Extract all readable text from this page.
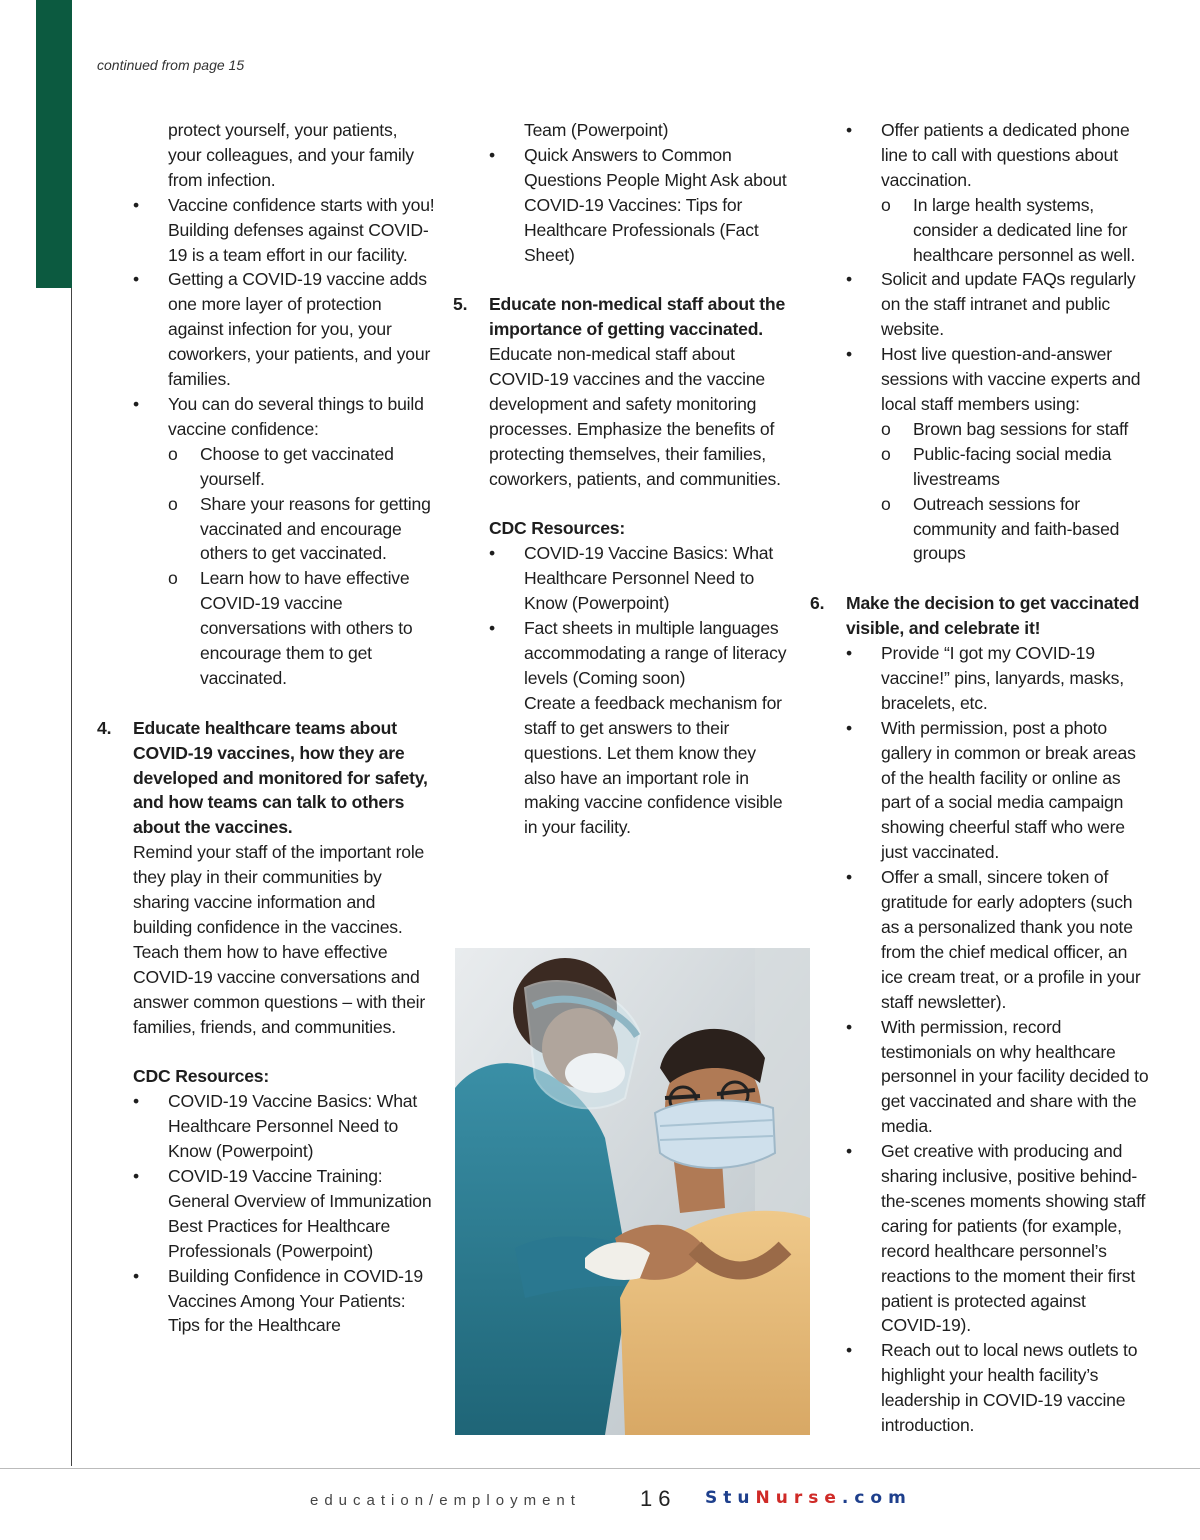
continued from page 15
protect yourself, your patients,
your colleagues, and your family
from infection.
•	Vaccine confidence starts with you! Building defenses against COVID-19 is a team effort in our facility.
•	Getting a COVID-19 vaccine adds one more layer of protection against infection for you, your coworkers, your patients, and your families.
•	You can do several things to build vaccine confidence:
o	Choose to get vaccinated yourself.
o	Share your reasons for getting vaccinated and encourage others to get vaccinated.
o	Learn how to have effective COVID-19 vaccine conversations with others to encourage them to get vaccinated.
4. Educate healthcare teams about COVID-19 vaccines, how they are developed and monitored for safety, and how teams can talk to others about the vaccines.
Remind your staff of the important role they play in their communities by sharing vaccine information and building confidence in the vaccines. Teach them how to have effective COVID-19 vaccine conversations and answer common questions – with their families, friends, and communities.
CDC Resources:
•	COVID-19 Vaccine Basics: What Healthcare Personnel Need to Know (Powerpoint)
•	COVID-19 Vaccine Training: General Overview of Immunization Best Practices for Healthcare Professionals (Powerpoint)
•	Building Confidence in COVID-19 Vaccines Among Your Patients: Tips for the Healthcare
Team (Powerpoint)
•	Quick Answers to Common Questions People Might Ask about COVID-19 Vaccines: Tips for Healthcare Professionals (Fact Sheet)
5. Educate non-medical staff about the importance of getting vaccinated.
Educate non-medical staff about COVID-19 vaccines and the vaccine development and safety monitoring processes. Emphasize the benefits of protecting themselves, their families, coworkers, patients, and communities.
CDC Resources:
•	COVID-19 Vaccine Basics: What Healthcare Personnel Need to Know (Powerpoint)
•	Fact sheets in multiple languages accommodating a range of literacy levels (Coming soon)
Create a feedback mechanism for staff to get answers to their questions. Let them know they also have an important role in making vaccine confidence visible in your facility.
•	Offer patients a dedicated phone line to call with questions about vaccination.
o	In large health systems, consider a dedicated line for healthcare personnel as well.
•	Solicit and update FAQs regularly on the staff intranet and public website.
•	Host live question-and-answer sessions with vaccine experts and local staff members using:
o	Brown bag sessions for staff
o	Public-facing social media livestreams
o	Outreach sessions for community and faith-based groups
6. Make the decision to get vaccinated visible, and celebrate it!
•	Provide “I got my COVID-19 vaccine!” pins, lanyards, masks, bracelets, etc.
•	With permission, post a photo gallery in common or break areas of the health facility or online as part of a social media campaign showing cheerful staff who were just vaccinated.
•	Offer a small, sincere token of gratitude for early adopters (such as a personalized thank you note from the chief medical officer, an ice cream treat, or a profile in your staff newsletter).
•	With permission, record testimonials on why healthcare personnel in your facility decided to get vaccinated and share with the media.
•	Get creative with producing and sharing inclusive, positive behind-the-scenes moments showing staff caring for patients (for example, record healthcare personnel’s reactions to the moment their first patient is protected against COVID-19).
•	Reach out to local news outlets to highlight your health facility’s leadership in COVID-19 vaccine introduction.
education/employment	16 StuNurse.com
